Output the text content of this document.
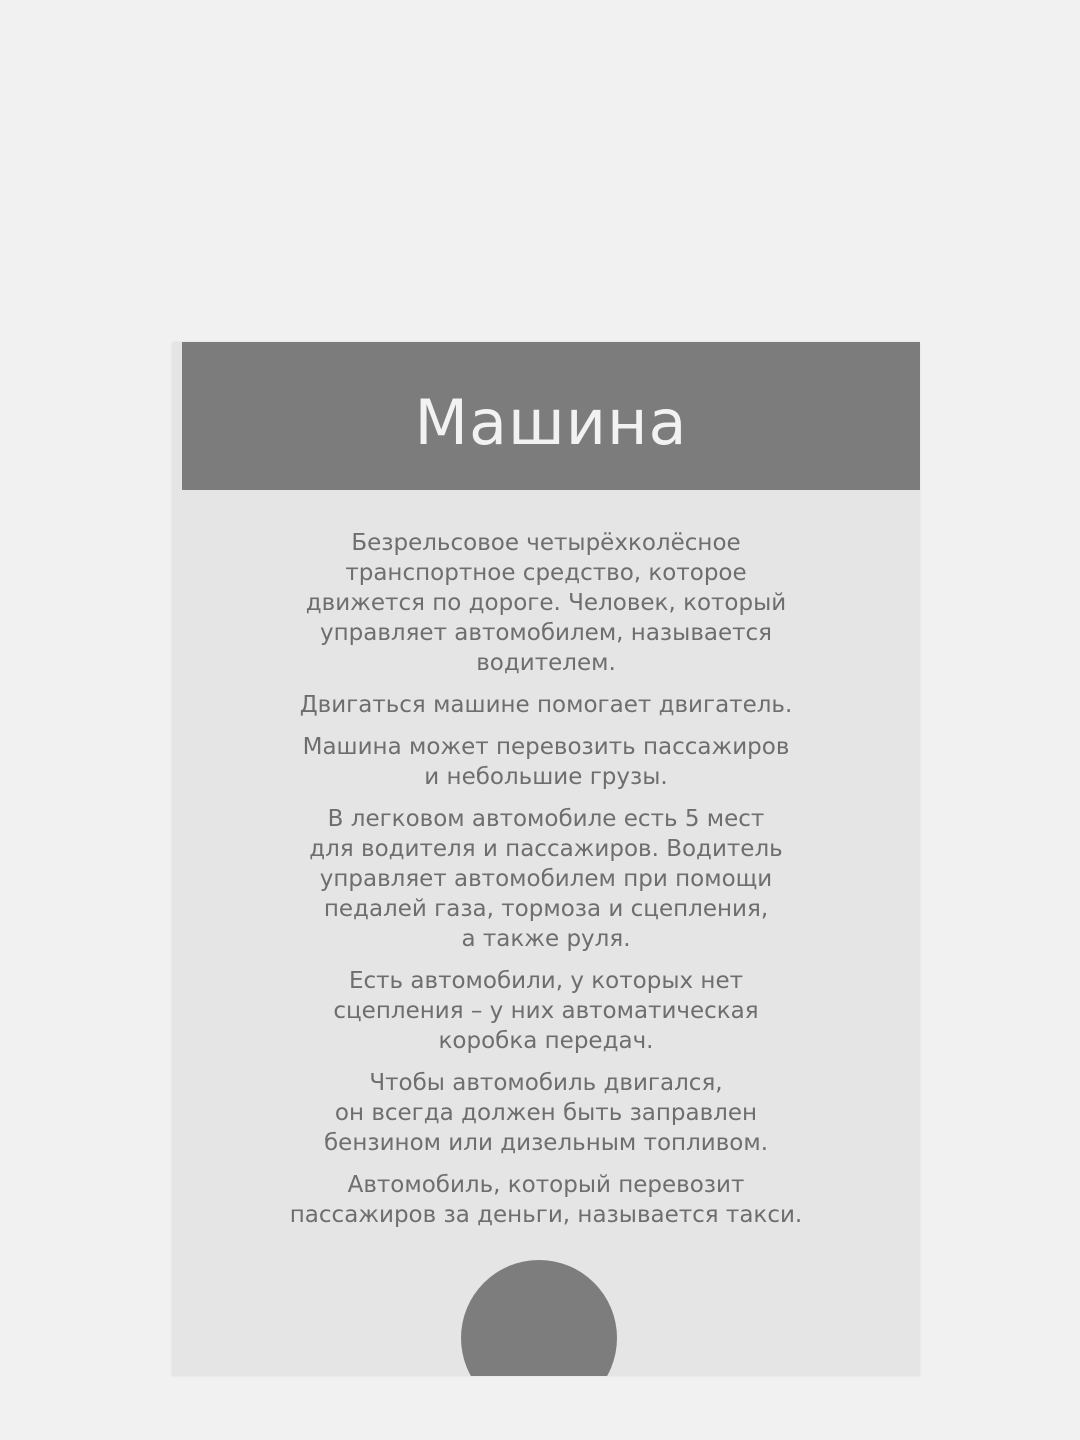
Машина

Безрельсовое четырёхколёсное
транспортное средство, которое
движется по дороге. Человек, который
управляет автомобилем, называется
водителем.

Двигаться машине помогает двигатель.

Машина может перевозить пассажиров
и небольшие грузы.

В легковом автомобиле есть 5 мест
для водителя и пассажиров. Водитель
управляет автомобилем при помощи
педалей газа, тормоза и сцепления,
а также руля.

Есть автомобили, у которых нет
сцепления – у них автоматическая
коробка передач.

Чтобы автомобиль двигался,
он всегда должен быть заправлен
бензином или дизельным топливом.

Автомобиль, который перевозит
пассажиров за деньги, называется такси.
